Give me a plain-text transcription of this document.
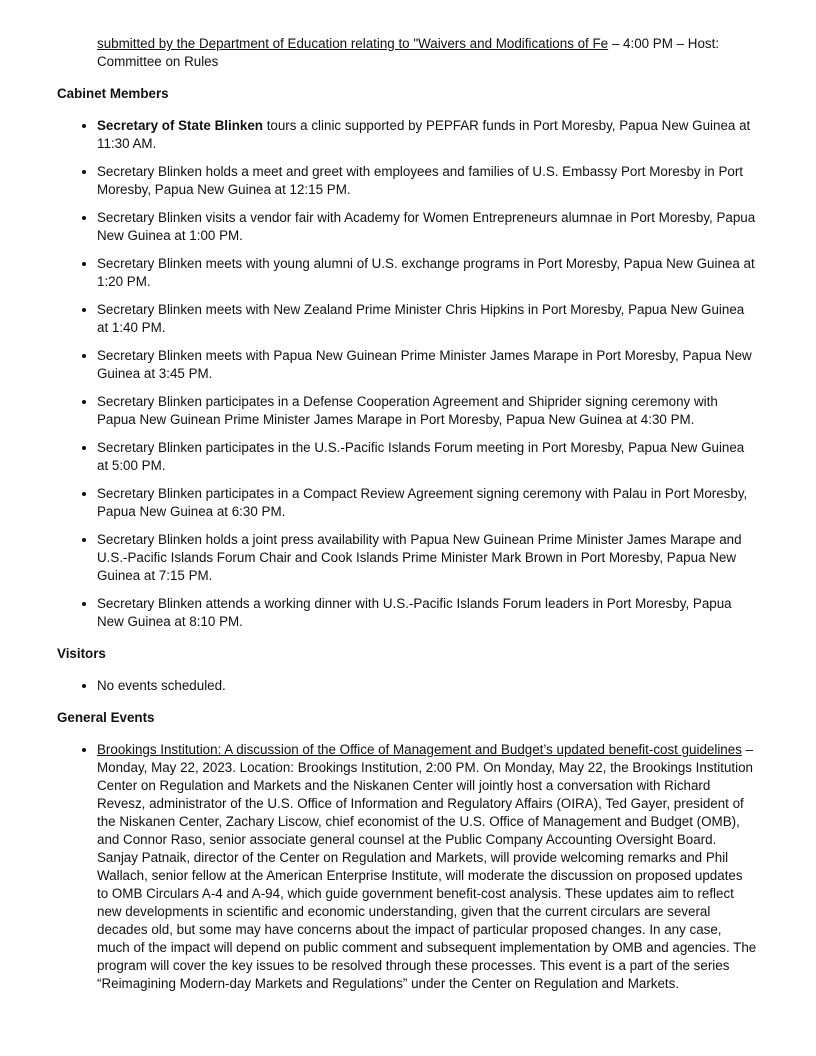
submitted by the Department of Education relating to "Waivers and Modifications of Fe – 4:00 PM – Host: Committee on Rules
Cabinet Members
• Secretary of State Blinken tours a clinic supported by PEPFAR funds in Port Moresby, Papua New Guinea at 11:30 AM.
• Secretary Blinken holds a meet and greet with employees and families of U.S. Embassy Port Moresby in Port Moresby, Papua New Guinea at 12:15 PM.
• Secretary Blinken visits a vendor fair with Academy for Women Entrepreneurs alumnae in Port Moresby, Papua New Guinea at 1:00 PM.
• Secretary Blinken meets with young alumni of U.S. exchange programs in Port Moresby, Papua New Guinea at 1:20 PM.
• Secretary Blinken meets with New Zealand Prime Minister Chris Hipkins in Port Moresby, Papua New Guinea at 1:40 PM.
• Secretary Blinken meets with Papua New Guinean Prime Minister James Marape in Port Moresby, Papua New Guinea at 3:45 PM.
• Secretary Blinken participates in a Defense Cooperation Agreement and Shiprider signing ceremony with Papua New Guinean Prime Minister James Marape in Port Moresby, Papua New Guinea at 4:30 PM.
• Secretary Blinken participates in the U.S.-Pacific Islands Forum meeting in Port Moresby, Papua New Guinea at 5:00 PM.
• Secretary Blinken participates in a Compact Review Agreement signing ceremony with Palau in Port Moresby, Papua New Guinea at 6:30 PM.
• Secretary Blinken holds a joint press availability with Papua New Guinean Prime Minister James Marape and U.S.-Pacific Islands Forum Chair and Cook Islands Prime Minister Mark Brown in Port Moresby, Papua New Guinea at 7:15 PM.
• Secretary Blinken attends a working dinner with U.S.-Pacific Islands Forum leaders in Port Moresby, Papua New Guinea at 8:10 PM.
Visitors
• No events scheduled.
General Events
• Brookings Institution: A discussion of the Office of Management and Budget’s updated benefit-cost guidelines – Monday, May 22, 2023. Location: Brookings Institution, 2:00 PM. On Monday, May 22, the Brookings Institution Center on Regulation and Markets and the Niskanen Center will jointly host a conversation with Richard Revesz, administrator of the U.S. Office of Information and Regulatory Affairs (OIRA), Ted Gayer, president of the Niskanen Center, Zachary Liscow, chief economist of the U.S. Office of Management and Budget (OMB), and Connor Raso, senior associate general counsel at the Public Company Accounting Oversight Board. Sanjay Patnaik, director of the Center on Regulation and Markets, will provide welcoming remarks and Phil Wallach, senior fellow at the American Enterprise Institute, will moderate the discussion on proposed updates to OMB Circulars A-4 and A-94, which guide government benefit-cost analysis. These updates aim to reflect new developments in scientific and economic understanding, given that the current circulars are several decades old, but some may have concerns about the impact of particular proposed changes. In any case, much of the impact will depend on public comment and subsequent implementation by OMB and agencies. The program will cover the key issues to be resolved through these processes. This event is a part of the series “Reimagining Modern-day Markets and Regulations” under the Center on Regulation and Markets.
